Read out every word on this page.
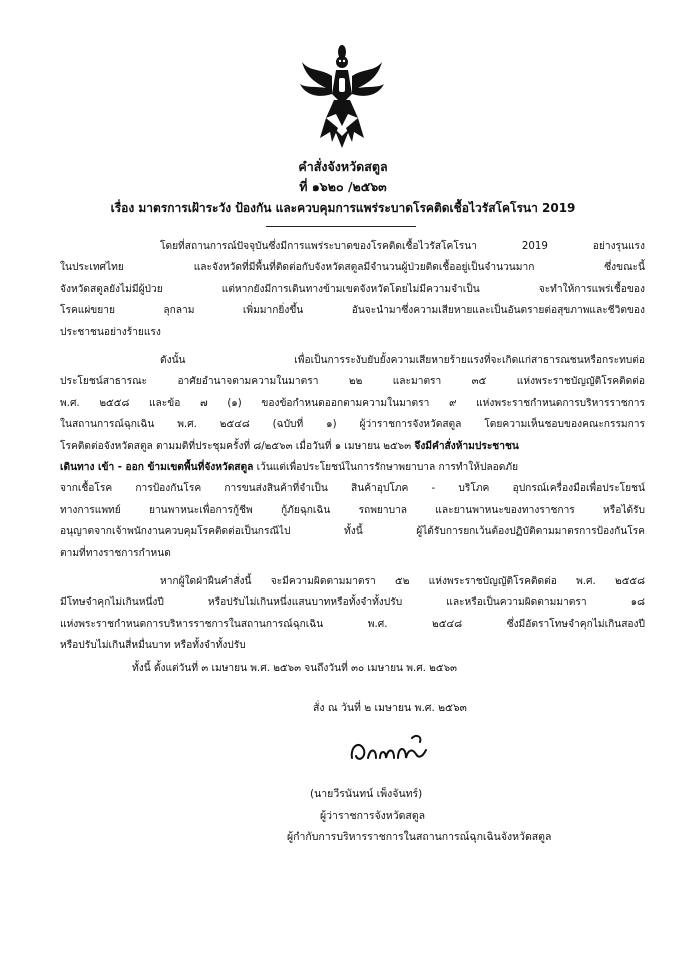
คำสั่งจังหวัดสตูล
ที่ ๑๖๒๐ /๒๕๖๓
เรื่อง มาตรการเฝ้าระวัง ป้องกัน และควบคุมการแพร่ระบาดโรคติดเชื้อไวรัสโคโรนา 2019

โดยที่สถานการณ์ปัจจุบันซึ่งมีการแพร่ระบาดของโรคติดเชื้อไวรัสโคโรนา 2019 อย่างรุนแรง

ในประเทศไทย และจังหวัดที่มีพื้นที่ติดต่อกับจังหวัดสตูลมีจำนวนผู้ป่วยติดเชื้ออยู่เป็นจำนวนมาก ซึ่งขณะนี้

จังหวัดสตูลยังไม่มีผู้ป่วย แต่หากยังมีการเดินทางข้ามเขตจังหวัดโดยไม่มีความจำเป็น จะทำให้การแพร่เชื้อของ

โรคแผ่ขยาย ลุกลาม เพิ่มมากยิ่งขึ้น อันจะนำมาซึ่งความเสียหายและเป็นอันตรายต่อสุขภาพและชีวิตของ

ประชาชนอย่างร้ายแรง

ดังนั้น เพื่อเป็นการระงับยับยั้งความเสียหายร้ายแรงที่จะเกิดแก่สาธารณชนหรือกระทบต่อ

ประโยชน์สาธารณะ อาศัยอำนาจตามความในมาตรา ๒๒ และมาตรา ๓๕ แห่งพระราชบัญญัติโรคติดต่อ

พ.ศ. ๒๕๕๘ และข้อ ๗ (๑) ของข้อกำหนดออกตามความในมาตรา ๙ แห่งพระราชกำหนดการบริหารราชการ

ในสถานการณ์ฉุกเฉิน พ.ศ. ๒๕๔๘ (ฉบับที่ ๑) ผู้ว่าราชการจังหวัดสตูล โดยความเห็นชอบของคณะกรรมการ

โรคติดต่อจังหวัดสตูล ตามมติที่ประชุมครั้งที่ ๘/๒๕๖๓ เมื่อวันที่ ๑ เมษายน ๒๕๖๓ จึงมีคำสั่งห้ามประชาชน

เดินทาง เข้า - ออก ข้ามเขตพื้นที่จังหวัดสตูล เว้นแต่เพื่อประโยชน์ในการรักษาพยาบาล การทำให้ปลอดภัย

จากเชื้อโรค การป้องกันโรค การขนส่งสินค้าที่จำเป็น สินค้าอุปโภค - บริโภค อุปกรณ์เครื่องมือเพื่อประโยชน์

ทางการแพทย์ ยานพาหนะเพื่อการกู้ชีพ กู้ภัยฉุกเฉิน รถพยาบาล และยานพาหนะของทางราชการ หรือได้รับ

อนุญาตจากเจ้าพนักงานควบคุมโรคติดต่อเป็นกรณีไป ทั้งนี้ ผู้ได้รับการยกเว้นต้องปฏิบัติตามมาตรการป้องกันโรค

ตามที่ทางราชการกำหนด

หากผู้ใดฝ่าฝืนคำสั่งนี้ จะมีความผิดตามมาตรา ๕๒ แห่งพระราชบัญญัติโรคติดต่อ พ.ศ. ๒๕๕๘

มีโทษจำคุกไม่เกินหนึ่งปี หรือปรับไม่เกินหนึ่งแสนบาทหรือทั้งจำทั้งปรับ และหรือเป็นความผิดตามมาตรา ๑๘

แห่งพระราชกำหนดการบริหารราชการในสถานการณ์ฉุกเฉิน พ.ศ. ๒๕๔๘ ซึ่งมีอัตราโทษจำคุกไม่เกินสองปี

หรือปรับไม่เกินสี่หมื่นบาท หรือทั้งจำทั้งปรับ

ทั้งนี้ ตั้งแต่วันที่ ๓ เมษายน พ.ศ. ๒๕๖๓ จนถึงวันที่ ๓๐ เมษายน พ.ศ. ๒๕๖๓

สั่ง ณ วันที่ ๒ เมษายน พ.ศ. ๒๕๖๓
(นายวีรนันทน์ เพ็งจันทร์)
ผู้ว่าราชการจังหวัดสตูล
ผู้กำกับการบริหารราชการในสถานการณ์ฉุกเฉินจังหวัดสตูล
